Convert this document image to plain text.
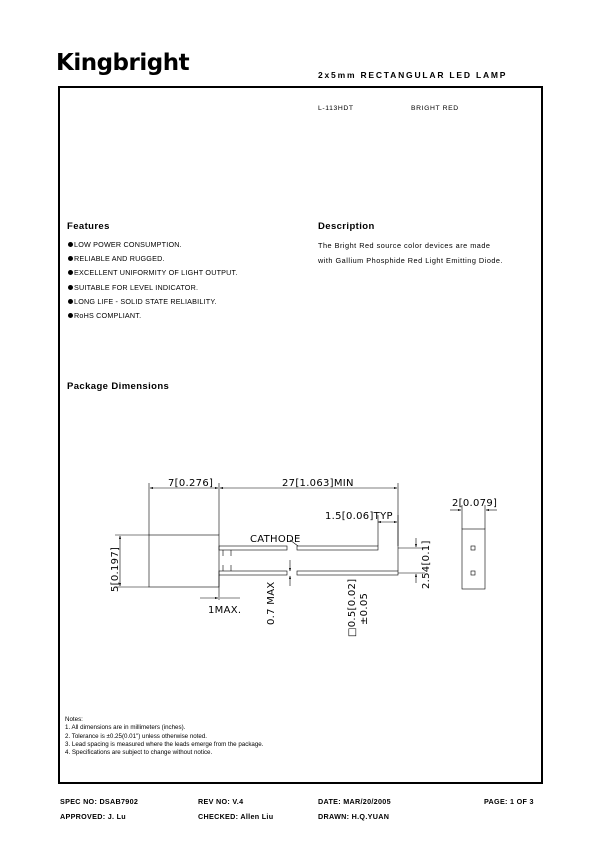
Kingbright	2x5mm RECTANGULAR LED LAMP
L-113HDT	BRIGHT RED
Features
LOW POWER CONSUMPTION.
RELIABLE AND RUGGED.
EXCELLENT UNIFORMITY OF LIGHT OUTPUT.
SUITABLE FOR LEVEL INDICATOR.
LONG LIFE - SOLID STATE RELIABILITY.
RoHS COMPLIANT.
Description
The Bright Red source color devices are made
with Gallium Phosphide Red Light Emitting Diode.
Package Dimensions
7[0.276]	27[1.063]MIN
1.5[0.06]TYP
2[0.079]
CATHODE
1MAX.
5[0.197]	2.54[0.1]
0.7 MAX	□0.5[0.02] ±0.05
Notes:
1. All dimensions are in millimeters (inches).
2. Tolerance is ±0.25(0.01") unless otherwise noted.
3. Lead spacing is measured where the leads emerge from the package.
4. Specifications are subject to change without notice.
SPEC NO: DSAB7902	REV NO: V.4	DATE: MAR/20/2005	PAGE: 1 OF 3
APPROVED: J. Lu	CHECKED: Allen Liu	DRAWN: H.Q.YUAN
